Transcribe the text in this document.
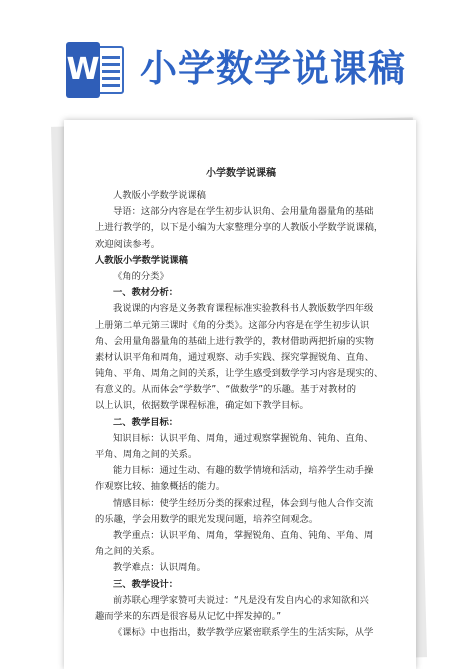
W 小学数学说课稿
小学数学说课稿
人教版小学数学说课稿
导语：这部分内容是在学生初步认识角、会用量角器量角的基础
上进行教学的，以下是小编为大家整理分享的人教版小学数学说课稿，
欢迎阅读参考。
人教版小学数学说课稿
《角的分类》
一、教材分析：
我说课的内容是义务教育课程标准实验教科书人教版数学四年级
上册第二单元第三课时《角的分类》。这部分内容是在学生初步认识
角、会用量角器量角的基础上进行教学的，教材借助两把折扇的实物
素材认识平角和周角，通过观察、动手实践、探究掌握锐角、直角、
钝角、平角、周角之间的关系，让学生感受到数学学习内容是现实的、
有意义的。从而体会“学数学”、“做数学”的乐趣。基于对教材的
以上认识，依据数学课程标准，确定如下教学目标。
二、教学目标：
知识目标：认识平角、周角，通过观察掌握锐角、钝角、直角、
平角、周角之间的关系。
能力目标：通过生动、有趣的数学情境和活动，培养学生动手操
作观察比较、抽象概括的能力。
情感目标：使学生经历分类的探索过程，体会到与他人合作交流
的乐趣，学会用数学的眼光发现问题，培养空间观念。
教学重点：认识平角、周角，掌握锐角、直角、钝角、平角、周
角之间的关系。
教学难点：认识周角。
三、教学设计：
前苏联心理学家赞可夫说过：“凡是没有发自内心的求知欲和兴
趣而学来的东西是很容易从记忆中挥发掉的。”
《课标》中也指出，数学教学应紧密联系学生的生活实际，从学
